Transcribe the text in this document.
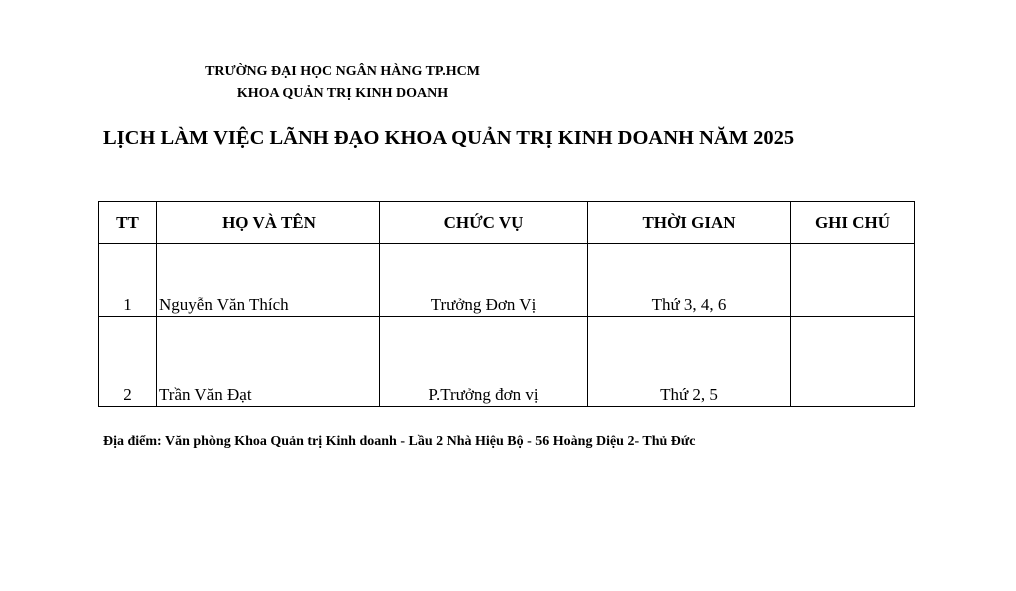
TRƯỜNG ĐẠI HỌC NGÂN HÀNG TP.HCM
KHOA QUẢN TRỊ KINH DOANH
LỊCH LÀM VIỆC LÃNH ĐẠO KHOA QUẢN TRỊ KINH DOANH NĂM 2025
TT	HỌ VÀ TÊN	CHỨC VỤ	THỜI GIAN	GHI CHÚ
1	Nguyễn Văn Thích	Trưởng Đơn Vị	Thứ 3, 4, 6	
2	Trần Văn Đạt	P.Trưởng đơn vị	Thứ 2, 5	
Địa điểm: Văn phòng Khoa Quản trị Kinh doanh - Lầu 2 Nhà Hiệu Bộ - 56 Hoàng Diệu 2- Thủ Đức
